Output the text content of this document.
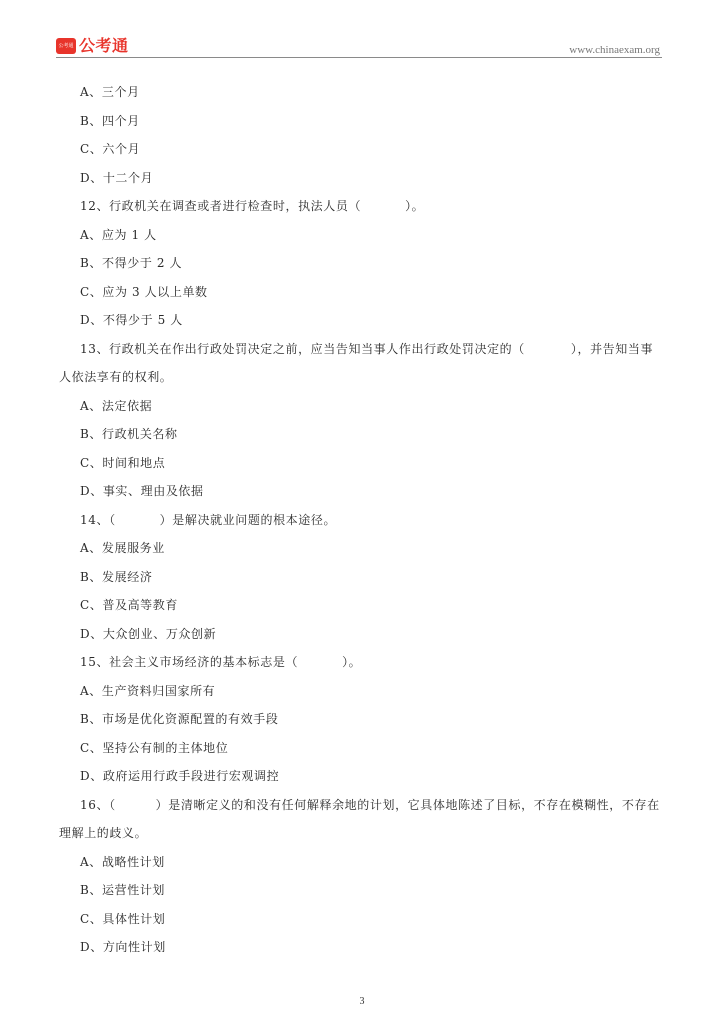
公考通 公考通	www.chinaexam.org

A、三个月

B、四个月

C、六个月

D、十二个月

12、行政机关在调查或者进行检查时，执法人员（	）。

A、应为 1 人

B、不得少于 2 人

C、应为 3 人以上单数

D、不得少于 5 人

13、行政机关在作出行政处罚决定之前，应当告知当事人作出行政处罚决定的（	），并告知当事

人依法享有的权利。

A、法定依据

B、行政机关名称

C、时间和地点

D、事实、理由及依据

14、（	）是解决就业问题的根本途径。

A、发展服务业

B、发展经济

C、普及高等教育

D、大众创业、万众创新

15、社会主义市场经济的基本标志是（	）。

A、生产资料归国家所有

B、市场是优化资源配置的有效手段

C、坚持公有制的主体地位

D、政府运用行政手段进行宏观调控

16、（	）是清晰定义的和没有任何解释余地的计划，它具体地陈述了目标，不存在模糊性，不存在

理解上的歧义。

A、战略性计划

B、运营性计划

C、具体性计划

D、方向性计划

3
